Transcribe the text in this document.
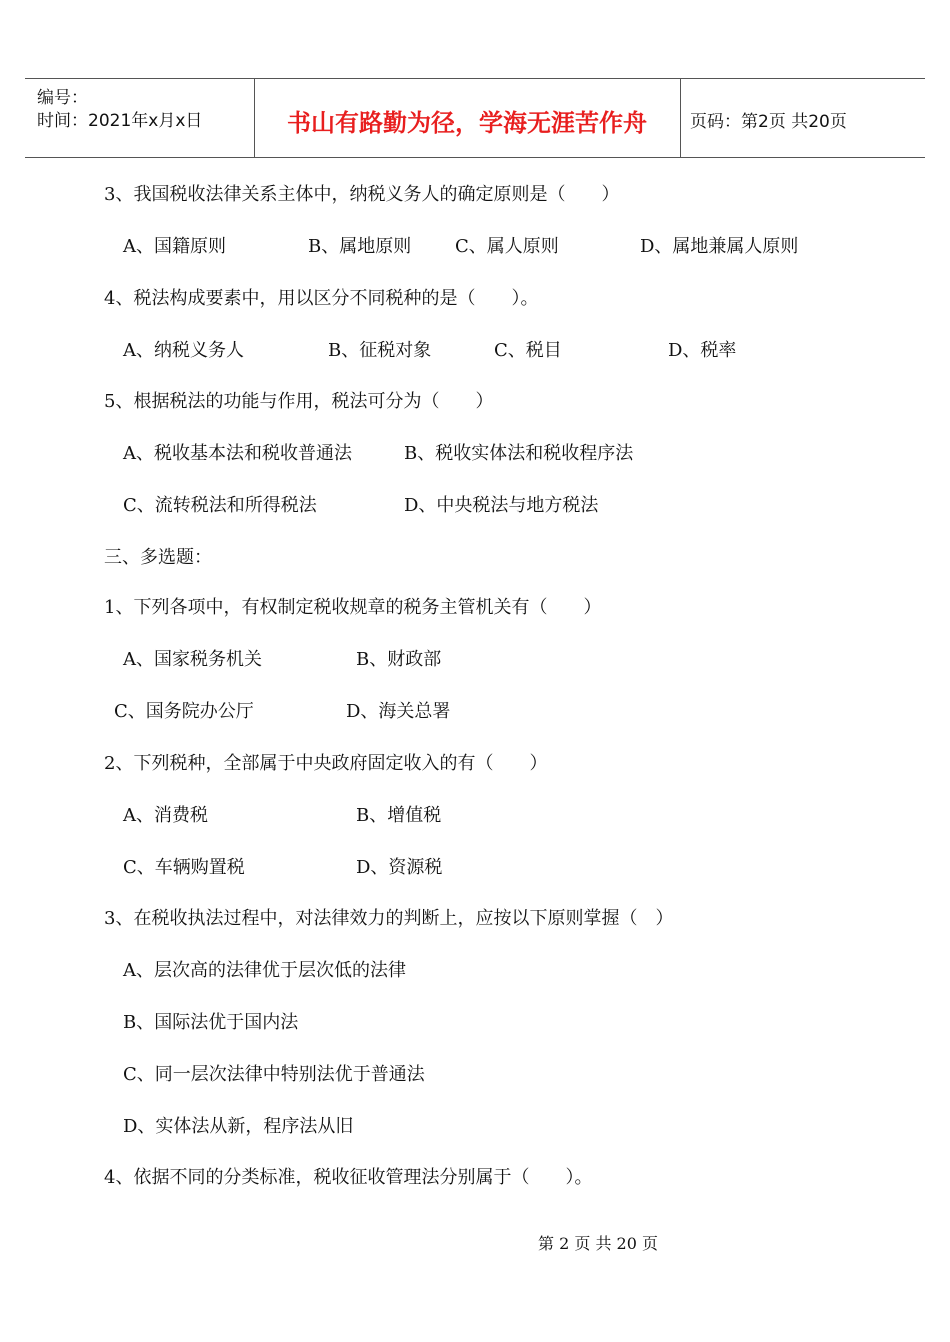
编号：
时间：2021年x月x日	书山有路勤为径，学海无涯苦作舟	页码：第2页 共20页
3、我国税收法律关系主体中，纳税义务人的确定原则是（　　）
A、国籍原则	B、属地原则 C、属人原则	D、属地兼属人原则
4、税法构成要素中，用以区分不同税种的是（　　）。
A、纳税义务人	B、征税对象	C、税目	D、税率
5、根据税法的功能与作用，税法可分为（　　）
A、税收基本法和税收普通法	B、税收实体法和税收程序法
C、流转税法和所得税法	D、中央税法与地方税法
三、多选题：
1、下列各项中，有权制定税收规章的税务主管机关有（　　）
A、国家税务机关	B、财政部
C、国务院办公厅	D、海关总署
2、下列税种，全部属于中央政府固定收入的有（　　）
A、消费税	B、增值税
C、车辆购置税	D、资源税
3、在税收执法过程中，对法律效力的判断上，应按以下原则掌握（　）
A、层次高的法律优于层次低的法律
B、国际法优于国内法
C、同一层次法律中特别法优于普通法
D、实体法从新，程序法从旧
4、依据不同的分类标准，税收征收管理法分别属于（　　）。
第 2 页 共 20 页
